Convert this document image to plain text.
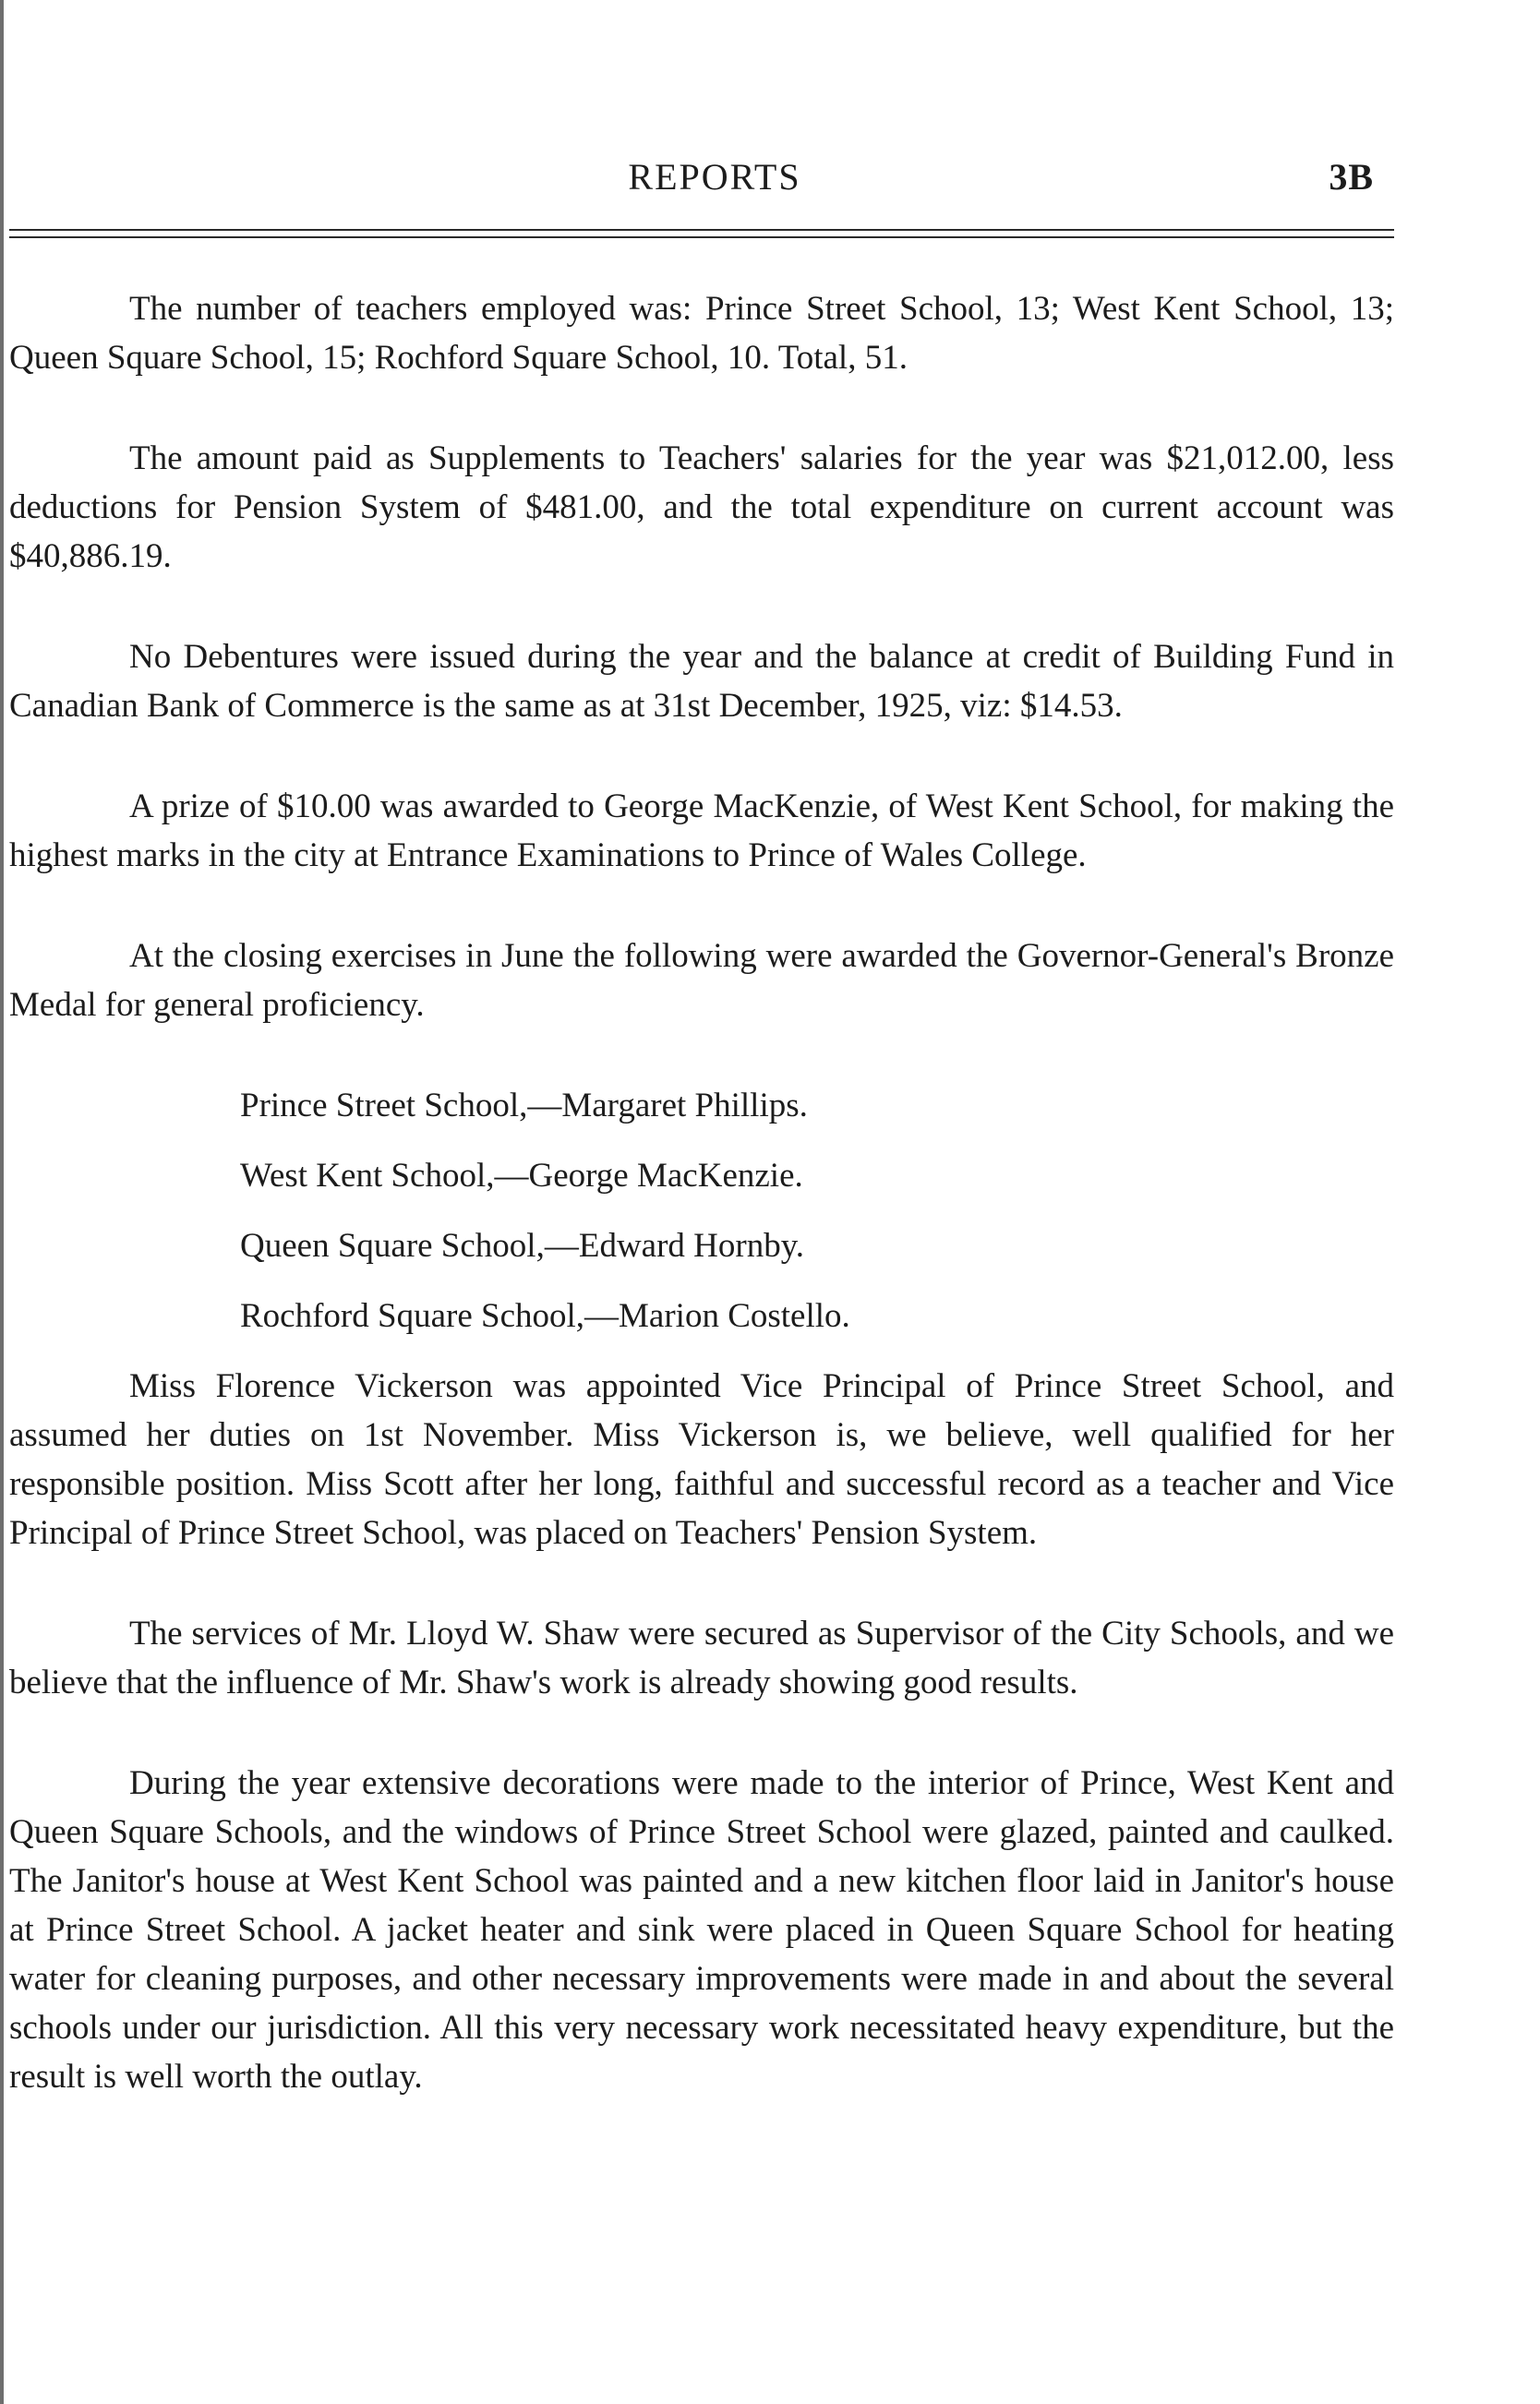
REPORTS	3B

The number of teachers employed was: Prince Street School, 13; West Kent School, 13; Queen Square School, 15; Rochford Square School, 10. Total, 51.

The amount paid as Supplements to Teachers' salaries for the year was $21,012.00, less deductions for Pension System of $481.00, and the total expenditure on current account was $40,886.19.

No Debentures were issued during the year and the balance at credit of Building Fund in Canadian Bank of Commerce is the same as at 31st December, 1925, viz: $14.53.

A prize of $10.00 was awarded to George MacKenzie, of West Kent School, for making the highest marks in the city at Entrance Examinations to Prince of Wales College.

At the closing exercises in June the following were awarded the Governor-General's Bronze Medal for general proficiency.

Prince Street School,—Margaret Phillips.
West Kent School,—George MacKenzie.
Queen Square School,—Edward Hornby.
Rochford Square School,—Marion Costello.

Miss Florence Vickerson was appointed Vice Principal of Prince Street School, and assumed her duties on 1st November. Miss Vickerson is, we believe, well qualified for her responsible position. Miss Scott after her long, faithful and successful record as a teacher and Vice Principal of Prince Street School, was placed on Teachers' Pension System.

The services of Mr. Lloyd W. Shaw were secured as Supervisor of the City Schools, and we believe that the influence of Mr. Shaw's work is already showing good results.

During the year extensive decorations were made to the interior of Prince, West Kent and Queen Square Schools, and the windows of Prince Street School were glazed, painted and caulked. The Janitor's house at West Kent School was painted and a new kitchen floor laid in Janitor's house at Prince Street School. A jacket heater and sink were placed in Queen Square School for heating water for cleaning purposes, and other necessary improvements were made in and about the several schools under our jurisdiction. All this very necessary work necessitated heavy expenditure, but the result is well worth the outlay.
